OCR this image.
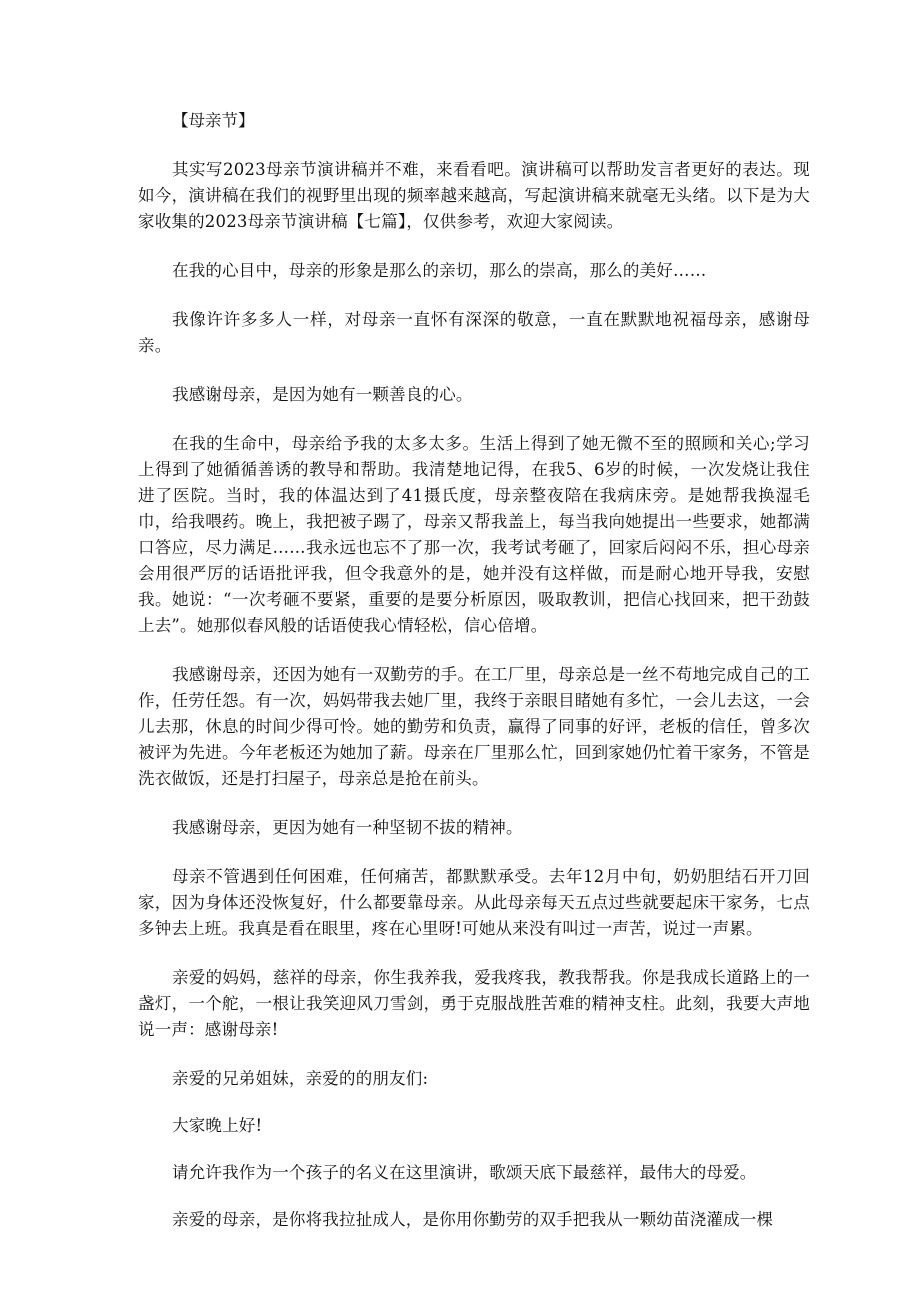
【母亲节】

其实写2023母亲节演讲稿并不难，来看看吧。演讲稿可以帮助发言者更好的表达。现如今，演讲稿在我们的视野里出现的频率越来越高，写起演讲稿来就毫无头绪。以下是为大家收集的2023母亲节演讲稿【七篇】，仅供参考，欢迎大家阅读。

在我的心目中，母亲的形象是那么的亲切，那么的崇高，那么的美好……

我像许许多多人一样，对母亲一直怀有深深的敬意，一直在默默地祝福母亲，感谢母亲。

我感谢母亲，是因为她有一颗善良的心。

在我的生命中，母亲给予我的太多太多。生活上得到了她无微不至的照顾和关心;学习上得到了她循循善诱的教导和帮助。我清楚地记得，在我5、6岁的时候，一次发烧让我住进了医院。当时，我的体温达到了41摄氏度，母亲整夜陪在我病床旁。是她帮我换湿毛巾，给我喂药。晚上，我把被子踢了，母亲又帮我盖上，每当我向她提出一些要求，她都满口答应，尽力满足……我永远也忘不了那一次，我考试考砸了，回家后闷闷不乐，担心母亲会用很严厉的话语批评我，但令我意外的是，她并没有这样做，而是耐心地开导我，安慰我。她说：“一次考砸不要紧，重要的是要分析原因，吸取教训，把信心找回来，把干劲鼓上去”。她那似春风般的话语使我心情轻松，信心倍增。

我感谢母亲，还因为她有一双勤劳的手。在工厂里，母亲总是一丝不苟地完成自己的工作，任劳任怨。有一次，妈妈带我去她厂里，我终于亲眼目睹她有多忙，一会儿去这，一会儿去那，休息的时间少得可怜。她的勤劳和负责，赢得了同事的好评，老板的信任，曾多次被评为先进。今年老板还为她加了薪。母亲在厂里那么忙，回到家她仍忙着干家务，不管是洗衣做饭，还是打扫屋子，母亲总是抢在前头。

我感谢母亲，更因为她有一种坚韧不拔的精神。

母亲不管遇到任何困难，任何痛苦，都默默承受。去年12月中旬，奶奶胆结石开刀回家，因为身体还没恢复好，什么都要靠母亲。从此母亲每天五点过些就要起床干家务，七点多钟去上班。我真是看在眼里，疼在心里呀!可她从来没有叫过一声苦，说过一声累。

亲爱的妈妈，慈祥的母亲，你生我养我，爱我疼我，教我帮我。你是我成长道路上的一盏灯，一个舵，一根让我笑迎风刀雪剑，勇于克服战胜苦难的精神支柱。此刻，我要大声地说一声：感谢母亲!

亲爱的兄弟姐妹，亲爱的的朋友们:

大家晚上好!

请允许我作为一个孩子的名义在这里演讲，歌颂天底下最慈祥，最伟大的母爱。

亲爱的母亲，是你将我拉扯成人，是你用你勤劳的双手把我从一颗幼苗浇灌成一棵
